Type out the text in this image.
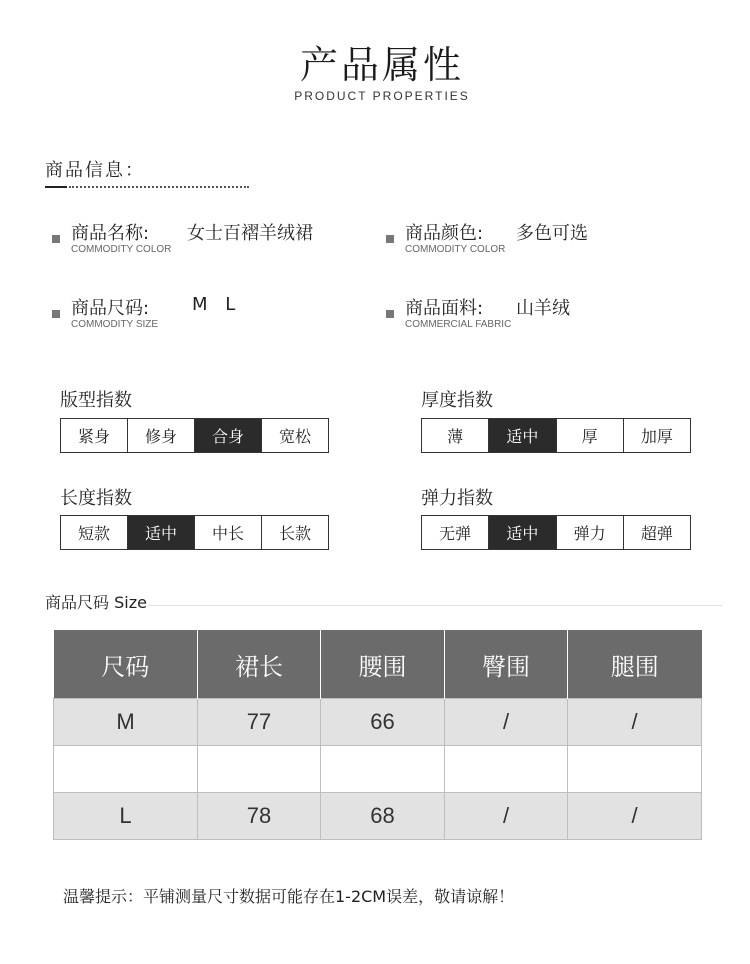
产品属性
PRODUCT PROPERTIES
商品信息：
商品名称:
COMMODITY COLOR
女士百褶羊绒裙	商品颜色:
COMMODITY COLOR
多色可选
商品尺码:
COMMODITY SIZE
M L	商品面料:
COMMERCIAL FABRIC
山羊绒
版型指数
紧身	修身	合身	宽松
厚度指数
薄	适中	厚	加厚
长度指数
短款	适中	中长	长款
弹力指数
无弹	适中	弹力	超弹
商品尺码 Size
尺码	裙长	腰围	臀围	腿围
M	77	66	/	/

L	78	68	/	/
温馨提示：平铺测量尺寸数据可能存在1-2CM误差，敬请谅解！
